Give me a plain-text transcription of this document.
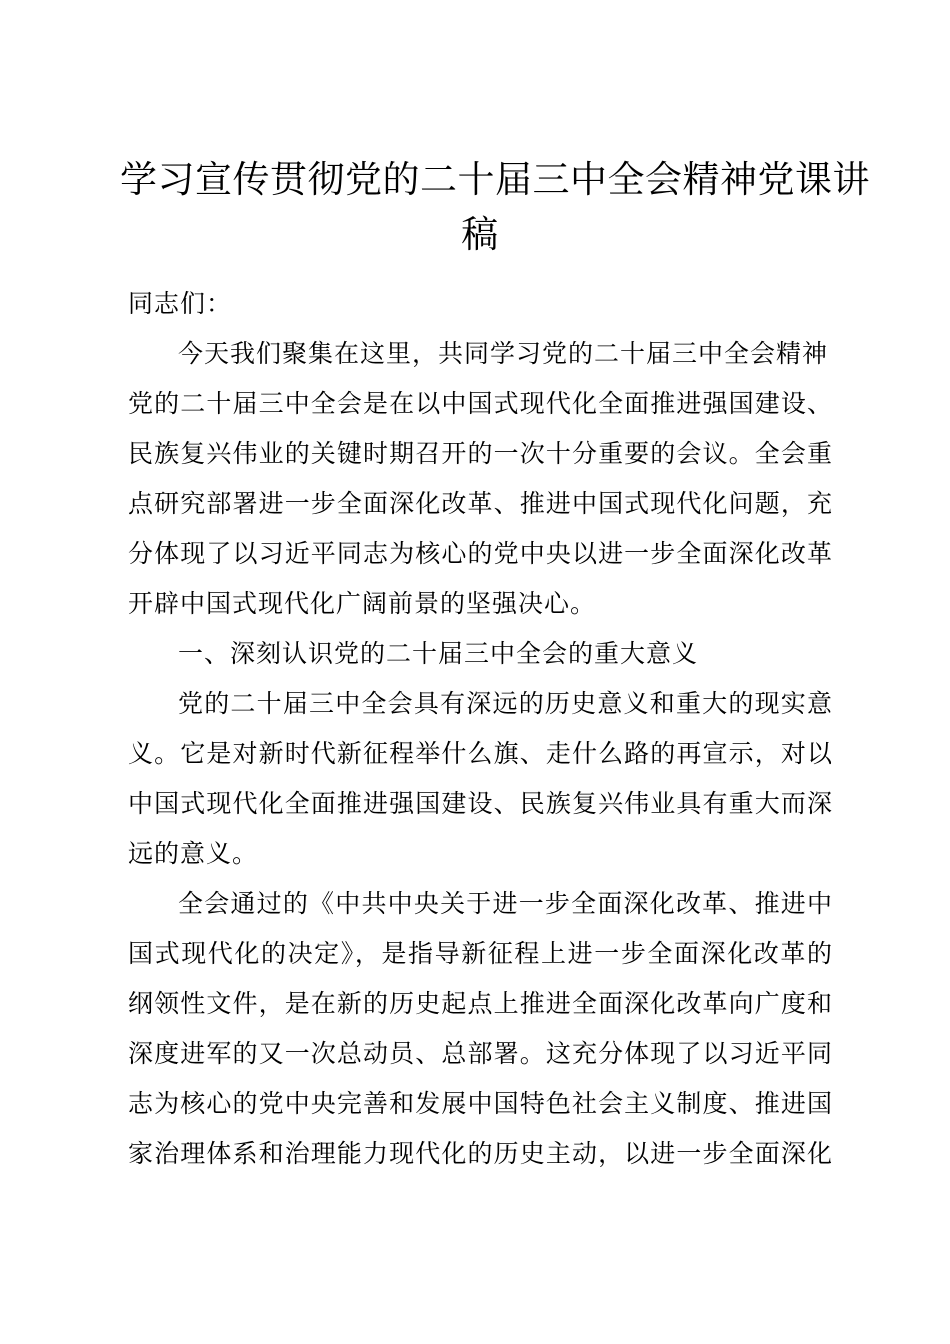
学习宣传贯彻党的二十届三中全会精神党课讲
稿
同志们：
今天我们聚集在这里，共同学习党的二十届三中全会精神
党的二十届三中全会是在以中国式现代化全面推进强国建设、
民族复兴伟业的关键时期召开的一次十分重要的会议。全会重
点研究部署进一步全面深化改革、推进中国式现代化问题，充
分体现了以习近平同志为核心的党中央以进一步全面深化改革
开辟中国式现代化广阔前景的坚强决心。
一、深刻认识党的二十届三中全会的重大意义
党的二十届三中全会具有深远的历史意义和重大的现实意
义。它是对新时代新征程举什么旗、走什么路的再宣示，对以
中国式现代化全面推进强国建设、民族复兴伟业具有重大而深
远的意义。
全会通过的《中共中央关于进一步全面深化改革、推进中
国式现代化的决定》，是指导新征程上进一步全面深化改革的
纲领性文件，是在新的历史起点上推进全面深化改革向广度和
深度进军的又一次总动员、总部署。这充分体现了以习近平同
志为核心的党中央完善和发展中国特色社会主义制度、推进国
家治理体系和治理能力现代化的历史主动，以进一步全面深化
